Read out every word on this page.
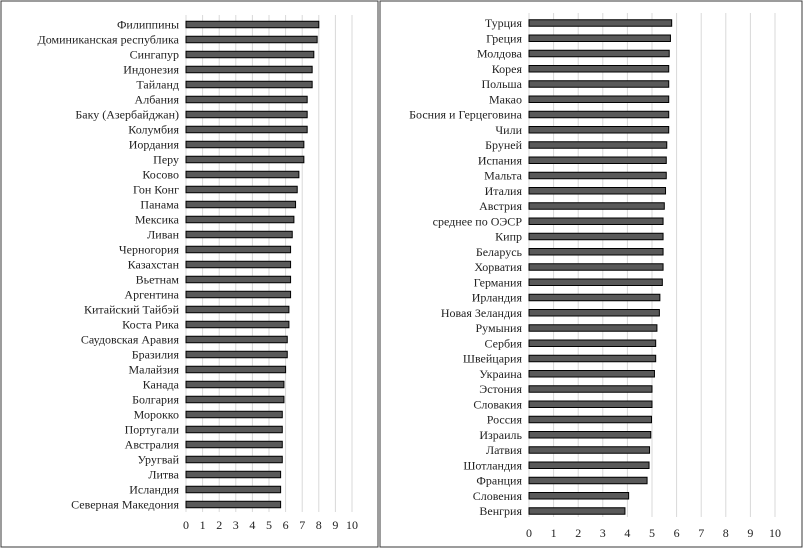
0 1 2 3 4 5 6 7 8 9 10
Филиппины
Доминиканская республика
Сингапур
Индонезия
Тайланд
Албания
Баку (Азербайджан)
Колумбия
Иордания
Перу
Косово
Гон Конг
Панама
Мексика
Ливан
Черногория
Казахстан
Вьетнам
Аргентина
Китайский Тайбэй
Коста Рика
Саудовская Аравия
Бразилия
Малайзия
Канада
Болгария
Морокко
Португали
Австралия
Уругвай
Литва
Исландия
Северная Македония
0 1 2 3 4 5 6 7 8 9 10
Турция
Греция
Молдова
Корея
Польша
Макао
Босния и Герцеговина
Чили
Бруней
Испания
Мальта
Италия
Австрия
среднее по ОЭСР
Кипр
Беларусь
Хорватия
Германия
Ирландия
Новая Зеландия
Румыния
Сербия
Швейцария
Украина
Эстония
Словакия
Россия
Израиль
Латвия
Шотландия
Франция
Словения
Венгрия
